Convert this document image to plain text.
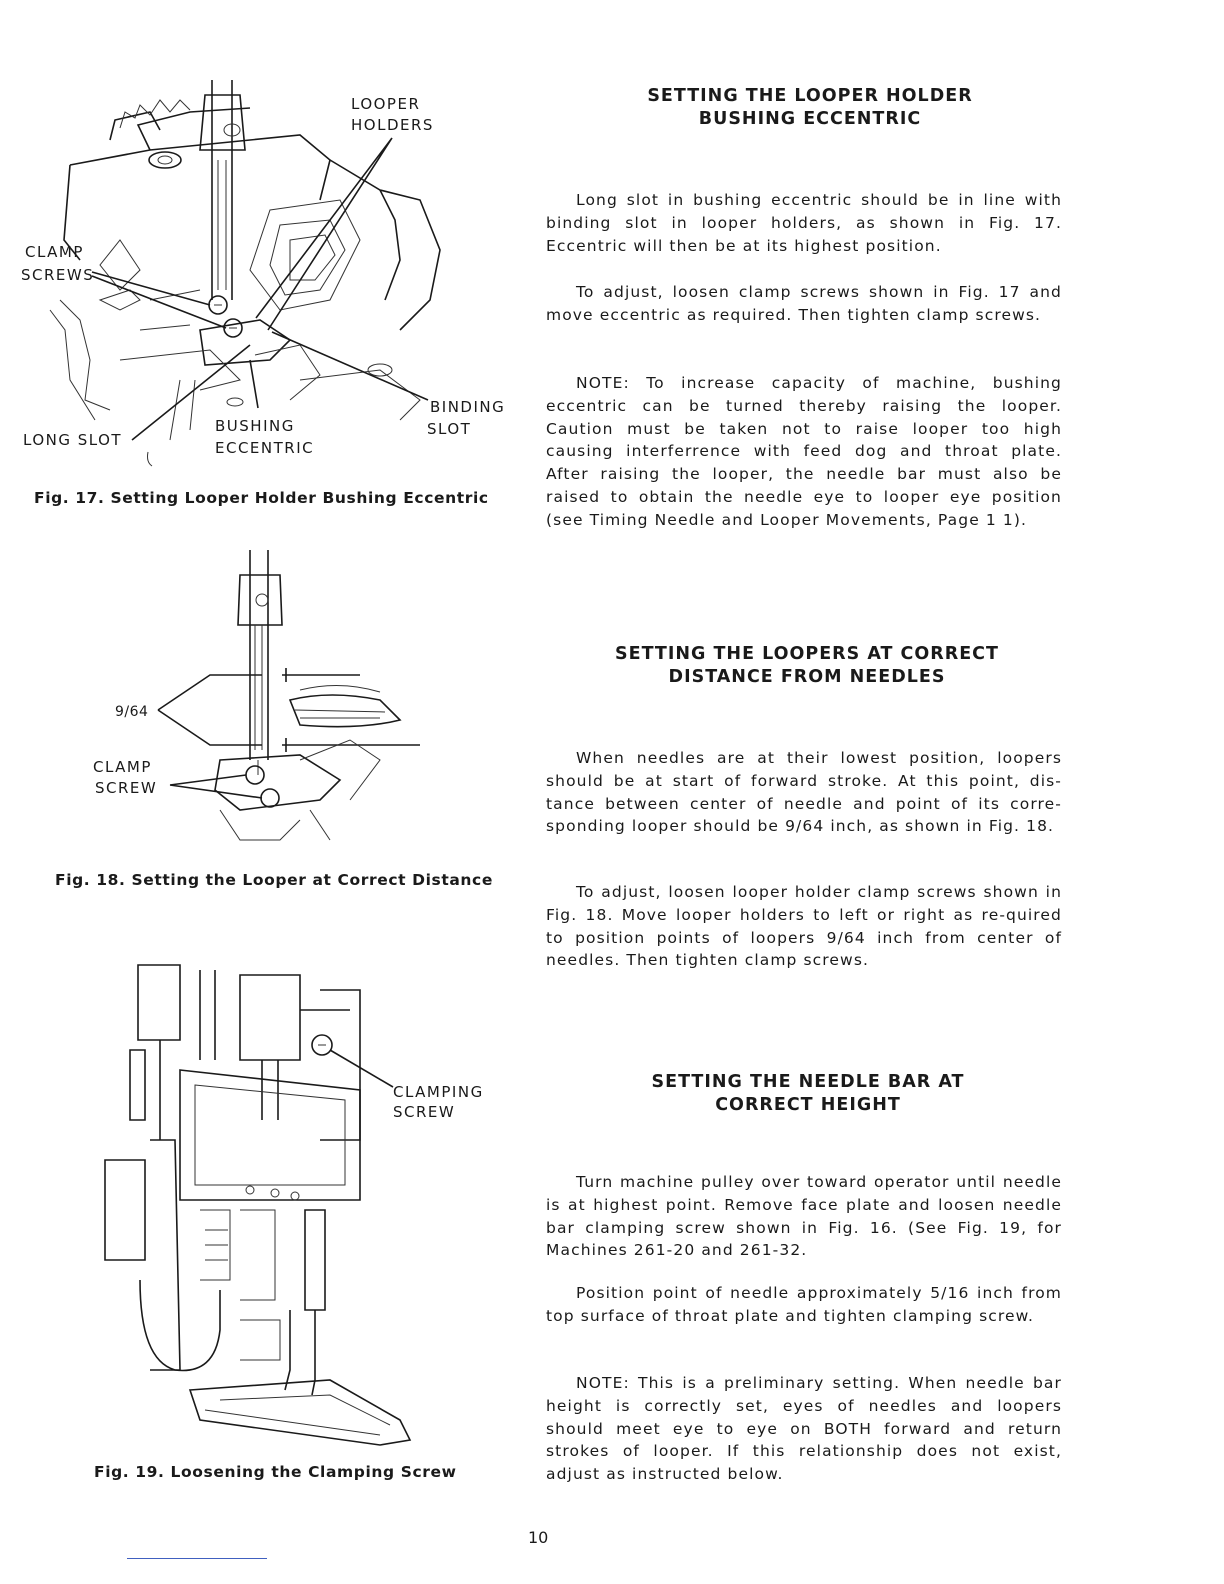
LOOPER
HOLDERS
CLAMP
SCREWS
BINDING
SLOT
BUSHING
ECCENTRIC
LONG SLOT
Fig. 17. Setting Looper Holder Bushing Eccentric
9/64
CLAMP
SCREW
Fig. 18. Setting the Looper at Correct Distance
CLAMPING
SCREW
Fig. 19. Loosening the Clamping Screw
SETTING THE LOOPER HOLDER
BUSHING ECCENTRIC

Long slot in bushing eccentric should be in line with binding slot in looper holders, as shown in Fig. 17. Eccentric will then be at its highest position.

To adjust, loosen clamp screws shown in Fig. 17 and move eccentric as required. Then tighten clamp screws.

NOTE: To increase capacity of machine, bushing eccentric can be turned thereby raising the looper. Caution must be taken not to raise looper too high causing interferrence with feed dog and throat plate. After raising the looper, the needle bar must also be raised to obtain the needle eye to looper eye position (see Timing Needle and Looper Movements, Page 1 1).

SETTING THE LOOPERS AT CORRECT
DISTANCE FROM NEEDLES

When needles are at their lowest position, loopers should be at start of forward stroke. At this point, dis-tance between center of needle and point of its corre-sponding looper should be 9/64 inch, as shown in Fig. 18.

To adjust, loosen looper holder clamp screws shown in Fig. 18. Move looper holders to left or right as re-quired to position points of loopers 9/64 inch from center of needles. Then tighten clamp screws.

SETTING THE NEEDLE BAR AT
CORRECT HEIGHT

Turn machine pulley over toward operator until needle is at highest point. Remove face plate and loosen needle bar clamping screw shown in Fig. 16. (See Fig. 19, for Machines 261-20 and 261-32.

Position point of needle approximately 5/16 inch from top surface of throat plate and tighten clamping screw.

NOTE: This is a preliminary setting. When needle bar height is correctly set, eyes of needles and loopers should meet eye to eye on BOTH forward and return strokes of looper. If this relationship does not exist, adjust as instructed below.

10
